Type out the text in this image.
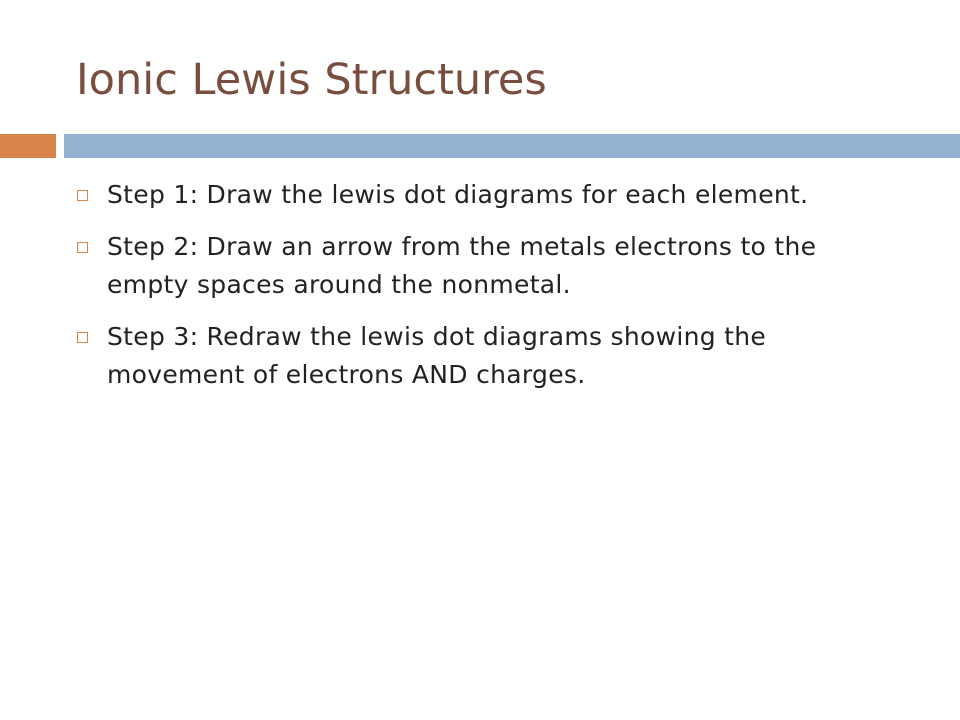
Ionic Lewis Structures
Step 1: Draw the lewis dot diagrams for each element.
Step 2: Draw an arrow from the metals electrons to the empty spaces around the nonmetal.
Step 3: Redraw the lewis dot diagrams showing the movement of electrons AND charges.
